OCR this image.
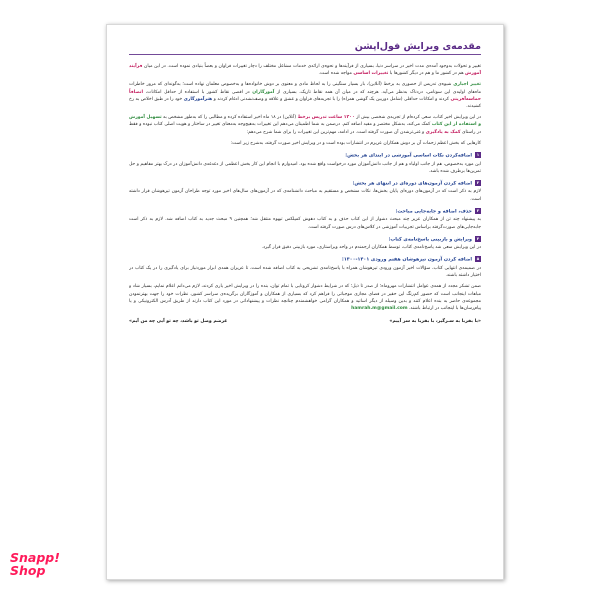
مقدمه‌ی ویرایش فول‌آپشن

تغییر و تحولات به‌وجود آمده‌ی مدت اخیر در سراسر دنیا، بسیاری از فرآیندها و نحوه‌ی ارائه‌ی خدمات مشاغل مختلف را دچار تغییرات فراوان و بعضاً بنیادی نموده است. در این میان فرآیند آموزش هم در کشور ما و هم در دیگر کشورها با تغییرات اساسی مواجه شده است.

تغییر اجباری شیوه‌ی تدریس از حضوری به برخط (آنلاین)، بار بسیار سنگینی را به لحاظ مادی و معنوی بر دوش خانواده‌ها و به‌خصوص معلمان نهاده است؛ به‌گونه‌ای که مرور خاطرات ماه‌های اولیه‌ی این سونامی، دردناک به‌نظر می‌آید. هرچند که در میان آن همه نقاط تاریک، بسیاری از آموزگاران در اقصی نقاط کشور با استفاده از حداقل امکانات، انصافاً حماسه‌آفرینی کردند و امکانات حداقلی (شامل دوربین یک گوشی همراه) را با تجربه‌های فراوان و عشق و علاقه و وصف‌نشدنی ادغام کردند و هنرآموزگاری خود را در طبق اخلاص به رخ کشیدند.

در این ویرایش اخیر کتاب، سعی کرده‌ام از تجربه‌ی شخصی بیش از ۱۲۰۰ ساعت تدریس برخط (آنلاین) در ۱۸ ماه اخیر استفاده کرده و مطالبی را که به‌طور مشخص به تسهیل آموزش و استفاده از این کتاب کمک می‌کند، به‌شکل مختصر و مفید اضافه کنم. درضمن به شما اطمینان می‌دهم این تغییرات به‌هیچ‌وجه به‌معنای تغییر در ساختار و هویت اصلی کتاب نبوده و فقط در راستای کمک به یادگیری و غنی‌ترشدن آن صورت گرفته است. در ادامه، مهم‌ترین این تغییرات را برای شما شرح می‌دهم:

کارهایی که بخش اعظم زحمات آن بر دوش همکاران عزیزم در انتشارات بوده است و در ویرایش اخیر صورت گرفته، به‌شرح زیر است:

۱اضافه‌کردن نکات اساسی آموزشی در ابتدای هر بخش:

این مورد به‌خصوص، هم از جانب اولیاء و هم از جانب دانش‌آموزان مورد درخواست واقع شده بود. امیدوارم با انجام این کار بخش اعظمی از دغدغه‌ی دانش‌آموزان در درک بهتر مفاهیم و حل تمرین‌ها برطرف شده باشد.

۲اضافه کردن آزمون‌های دوره‌ای در انتهای هر بخش:

لازم به ذکر است که در آزمون‌های دوره‌ای پایان بخش‌ها، نکات مشخص و مستقیم به مباحث دانشنامه‌ی که در آزمون‌های سال‌های اخیر مورد توجه طراحان آزمون تیزهوشان قرار داشته است.

۳حذف، اضافه و جابه‌جایی مباحث:

به پیشنهاد چند تن از همکاران عزیز چند مبحث دشوار از این کتاب حذف و به کتاب دهوش کمپلکس تیهوه منتقل شد؛ همچنین ۹ مبحث جدید به کتاب اضافه شد. لازم به ذکر است جابه‌جایی‌های صورت‌گرفته براساس تجربیات آموزشی در کلاس‌های درس صورت گرفته است.

۴ویرایش و بازبینی پاسخ‌نامه‌ی کتاب:

در این ویرایش سعی شد پاسخ‌نامه‌ی کتاب، توسط همکاران ارجمندم در واحد ویراستاری، مورد بازبینی دقیق قرار گیرد.

۵اضافه کردن آزمون تیزهوشان هفتم ورودی ۱۴۰۱-۱۴۰۰:

در ضمیمه‌ی انتهایی کتاب، سؤالات اخیر آزمون ورودی تیزهوشان همراه با پاسخ‌نامه‌ی تشریحی به کتاب اضافه شده است، تا عزیزان همدی ابزار موردنیاز برای یادگیری را در یک کتاب در اختیار داشته باشند.

ضمن تشکر مجدد از همه‌ی عوامل انتشارات مهروماه؛ از صدر تا ذیل؛ که در شرایط دشوار کرونایی با تمام توان، بنده را در ویرایش اخیر یاری کردند، لازم می‌دانم اعلام نمایم، بسیار شاد و مباهات اینجانب است که حضور کم‌رنگ این حقیر در فضای مجازی موجباتی را فراهم کرد که بسیاری از همکاران و آموزگاران برگزیده‌ی سراسر کشور، نظرات خود را جهت بهترنمودن مجموعه‌ی حاضر به بنده اعلام کنند و بدین وسیله از دیگر اساتید و همکاران گرامی خواهشمندم چنانچه نظرات و پیشنهاداتی در مورد این کتاب دارند از طریق آدرس الکترونیکی و یا پیام‌رسان‌ها با اینجانب در ارتباط باشند. hamrah.m@gmail.com

«با بقربا به سـرگیر، با بقربا به سر آییم»
غرضم وصل تو باشد، چه تو آیی چه من آیم»
Snapp!
Shop
